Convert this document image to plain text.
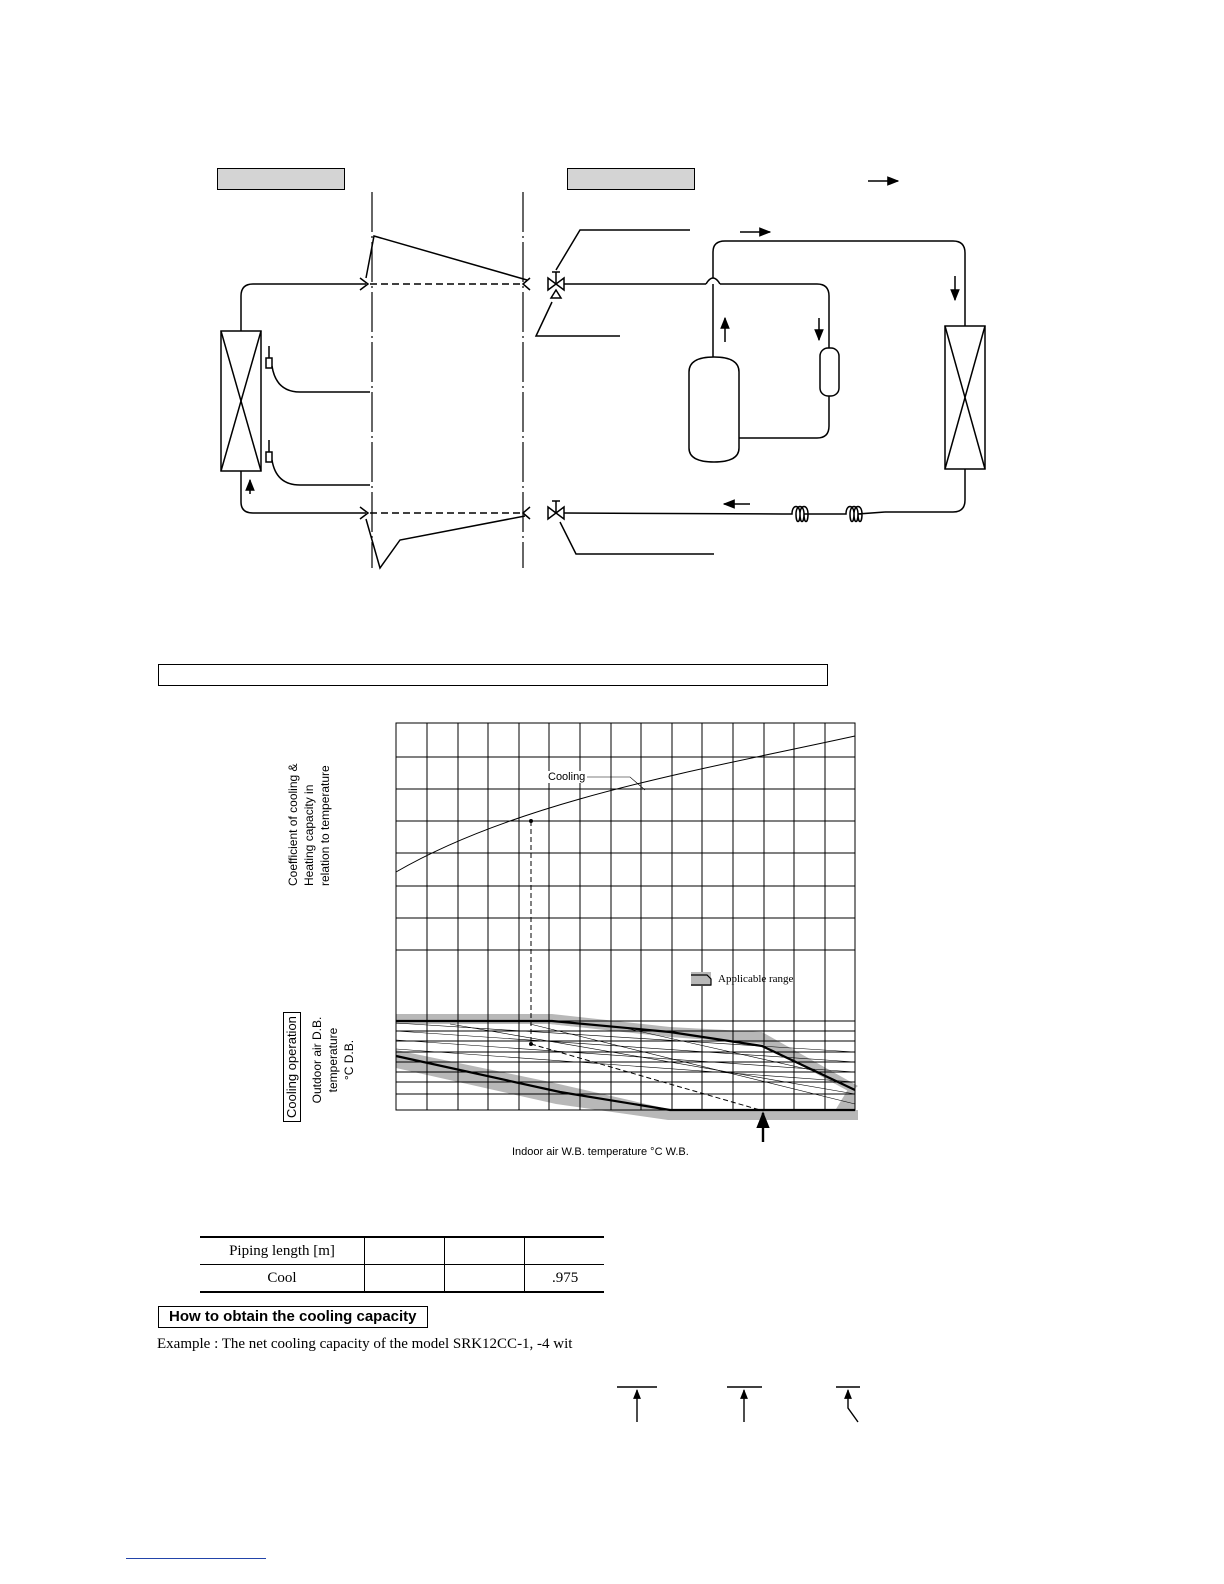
Cooling
Applicable range
Coefficient of cooling & Heating capacity in relation to temperature
Cooling operation Outdoor air D.B. temperature °C D.B.
Indoor air W.B. temperature °C W.B.
Piping length [m]			
Cool			.975
How to obtain the cooling capacity
Example : The net cooling capacity of the model SRK12CC-1, -4 wit
